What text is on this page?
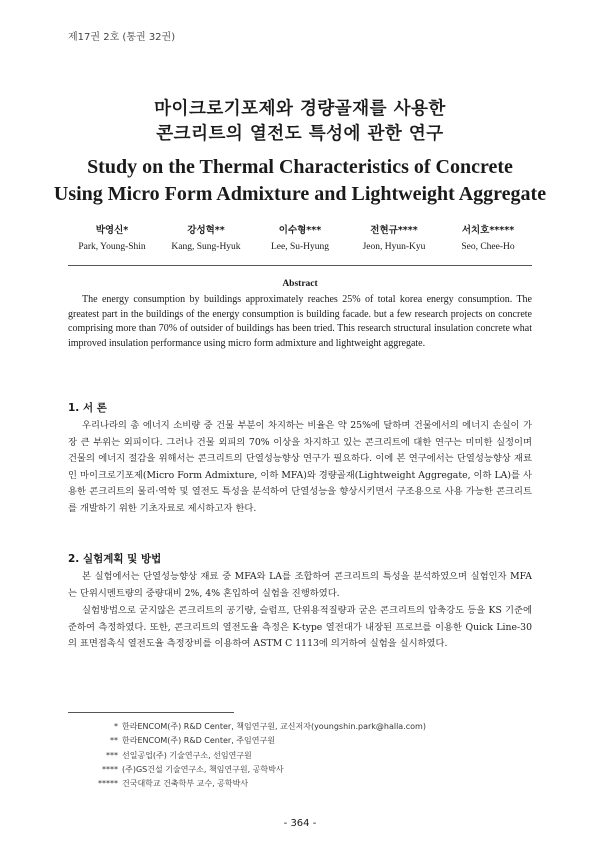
제17권 2호 (통권 32권)
마이크로기포제와 경량골재를 사용한
콘크리트의 열전도 특성에 관한 연구
Study on the Thermal Characteristics of Concrete
Using Micro Form Admixture and Lightweight Aggregate
박영신*
Park, Young-Shin
강성혁**
Kang, Sung-Hyuk
이수형***
Lee, Su-Hyung
전현규****
Jeon, Hyun-Kyu
서치호*****
Seo, Chee-Ho
Abstract

The energy consumption by buildings approximately reaches 25% of total korea energy consumption. The greatest part in the buildings of the energy consumption is building facade. but a few research projects on concrete comprising more than 70% of outsider of buildings has been tried. This research structural insulation concrete what improved insulation performance using micro form admixture and lightweight aggregate.

1. 서 론

우리나라의 총 에너지 소비량 중 건물 부분이 차지하는 비율은 약 25%에 달하며 건물에서의 에너지 손실이 가장 큰 부위는 외피이다. 그러나 건물 외피의 70% 이상을 차지하고 있는 콘크리트에 대한 연구는 미미한 실정이며 건물의 에너지 절감을 위해서는 콘크리트의 단열성능향상 연구가 필요하다. 이에 본 연구에서는 단열성능향상 재료인 마이크로기포제(Micro Form Admixture, 이하 MFA)와 경량골재(Lightweight Aggregate, 이하 LA)를 사용한 콘크리트의 물리·역학 및 열전도 특성을 분석하여 단열성능을 향상시키면서 구조용으로 사용 가능한 콘크리트를 개발하기 위한 기초자료로 제시하고자 한다.

2. 실험계획 및 방법

본 실험에서는 단열성능향상 재료 중 MFA와 LA를 조합하여 콘크리트의 특성을 분석하였으며 실험인자 MFA는 단위시멘트량의 중량대비 2%, 4% 혼입하여 실험을 진행하였다.

실험방법으로 굳지않은 콘크리트의 공기량, 슬럼프, 단위용적질량과 굳은 콘크리트의 압축강도 등을 KS 기준에 준하여 측정하였다. 또한, 콘크리트의 열전도율 측정은 K-type 열전대가 내장된 프로브를 이용한 Quick Line-30의 표면접촉식 열전도율 측정장비를 이용하여 ASTM C 1113에 의거하여 실험을 실시하였다.

* 한라ENCOM(주) R&D Center, 책임연구원, 교신저자(youngshin.park@halla.com)
** 한라ENCOM(주) R&D Center, 주임연구원
*** 선일공업(주) 기술연구소, 선임연구원
**** (주)GS건설 기술연구소, 책임연구원, 공학박사
***** 건국대학교 건축학부 교수, 공학박사
- 364 -
